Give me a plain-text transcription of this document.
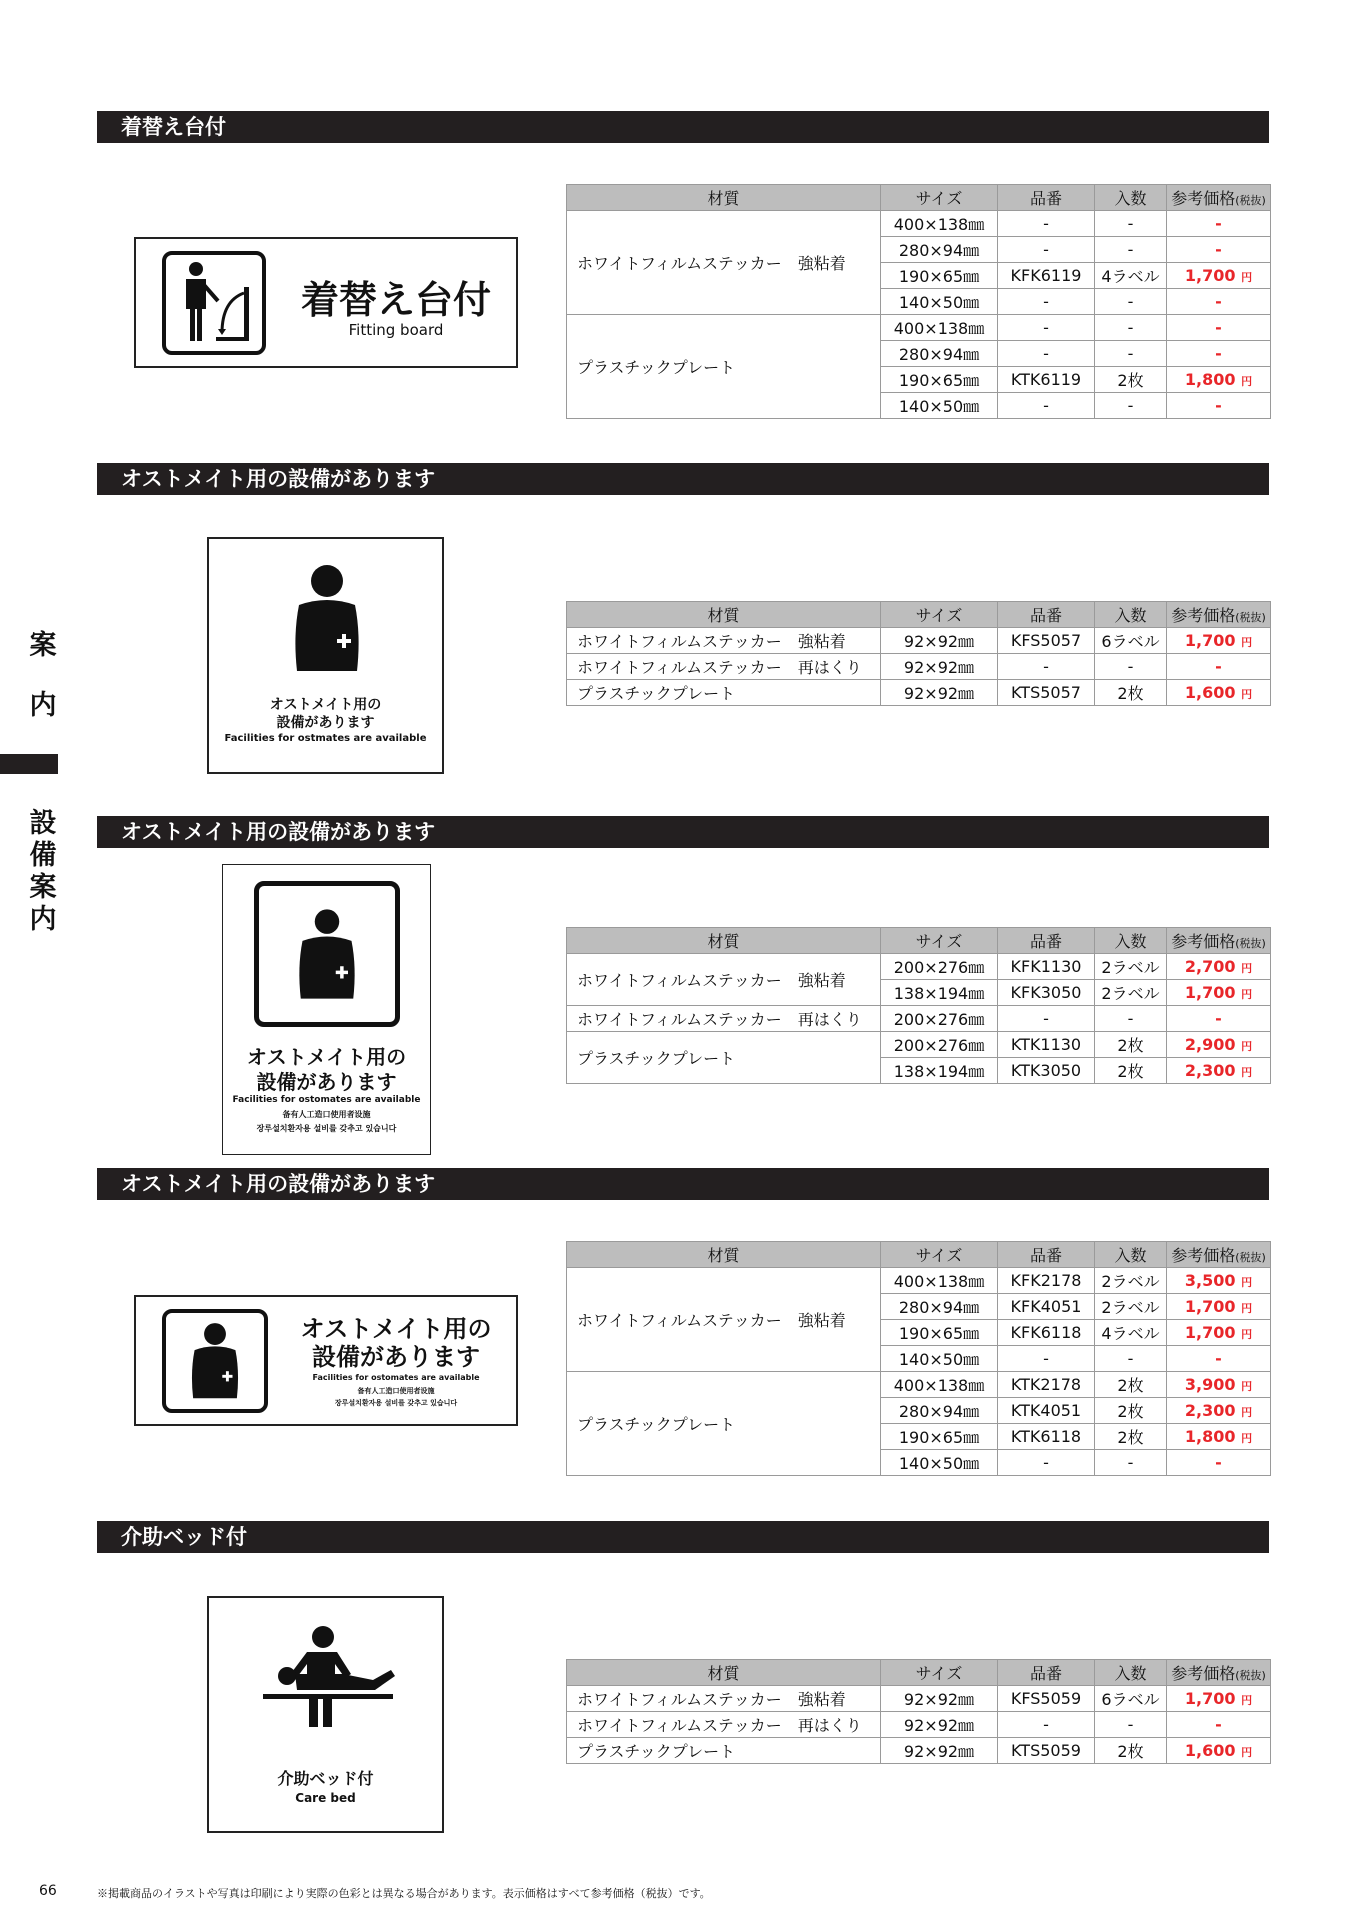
案
内
設
備
案
内
着替え台付
着替え台付
Fitting board
材質	サイズ	品番	入数	参考価格(税抜)
ホワイトフィルムステッカー　強粘着	400×138㎜	-	-	-
	280×94㎜	-	-	-
	190×65㎜	KFK6119	4ラベル	1,700 円
	140×50㎜	-	-	-
プラスチックプレート	400×138㎜	-	-	-
	280×94㎜	-	-	-
	190×65㎜	KTK6119	2枚	1,800 円
	140×50㎜	-	-	-
オストメイト用の設備があります
オストメイト用の
設備があります
Facilities for ostmates are available
材質	サイズ	品番	入数	参考価格(税抜)
ホワイトフィルムステッカー　強粘着	92×92㎜	KFS5057	6ラベル	1,700 円
ホワイトフィルムステッカー　再はくり	92×92㎜	-	-	-
プラスチックプレート	92×92㎜	KTS5057	2枚	1,600 円
オストメイト用の設備があります
オストメイト用の
設備があります
Facilities for ostomates are available
备有人工造口使用者设施
장루설치환자용 설비를 갖추고 있습니다
材質	サイズ	品番	入数	参考価格(税抜)
ホワイトフィルムステッカー　強粘着	200×276㎜	KFK1130	2ラベル	2,700 円
	138×194㎜	KFK3050	2ラベル	1,700 円
ホワイトフィルムステッカー　再はくり	200×276㎜	-	-	-
プラスチックプレート	200×276㎜	KTK1130	2枚	2,900 円
	138×194㎜	KTK3050	2枚	2,300 円
オストメイト用の設備があります
オストメイト用の
設備があります
Facilities for ostomates are available
备有人工造口使用者设施
장루설치환자용 설비를 갖추고 있습니다
材質	サイズ	品番	入数	参考価格(税抜)
ホワイトフィルムステッカー　強粘着	400×138㎜	KFK2178	2ラベル	3,500 円
	280×94㎜	KFK4051	2ラベル	1,700 円
	190×65㎜	KFK6118	4ラベル	1,700 円
	140×50㎜	-	-	-
プラスチックプレート	400×138㎜	KTK2178	2枚	3,900 円
	280×94㎜	KTK4051	2枚	2,300 円
	190×65㎜	KTK6118	2枚	1,800 円
	140×50㎜	-	-	-
介助ベッド付
介助ベッド付
Care bed
材質	サイズ	品番	入数	参考価格(税抜)
ホワイトフィルムステッカー　強粘着	92×92㎜	KFS5059	6ラベル	1,700 円
ホワイトフィルムステッカー　再はくり	92×92㎜	-	-	-
プラスチックプレート	92×92㎜	KTS5059	2枚	1,600 円
66	※掲載商品のイラストや写真は印刷により実際の色彩とは異なる場合があります。表示価格はすべて参考価格（税抜）です。
